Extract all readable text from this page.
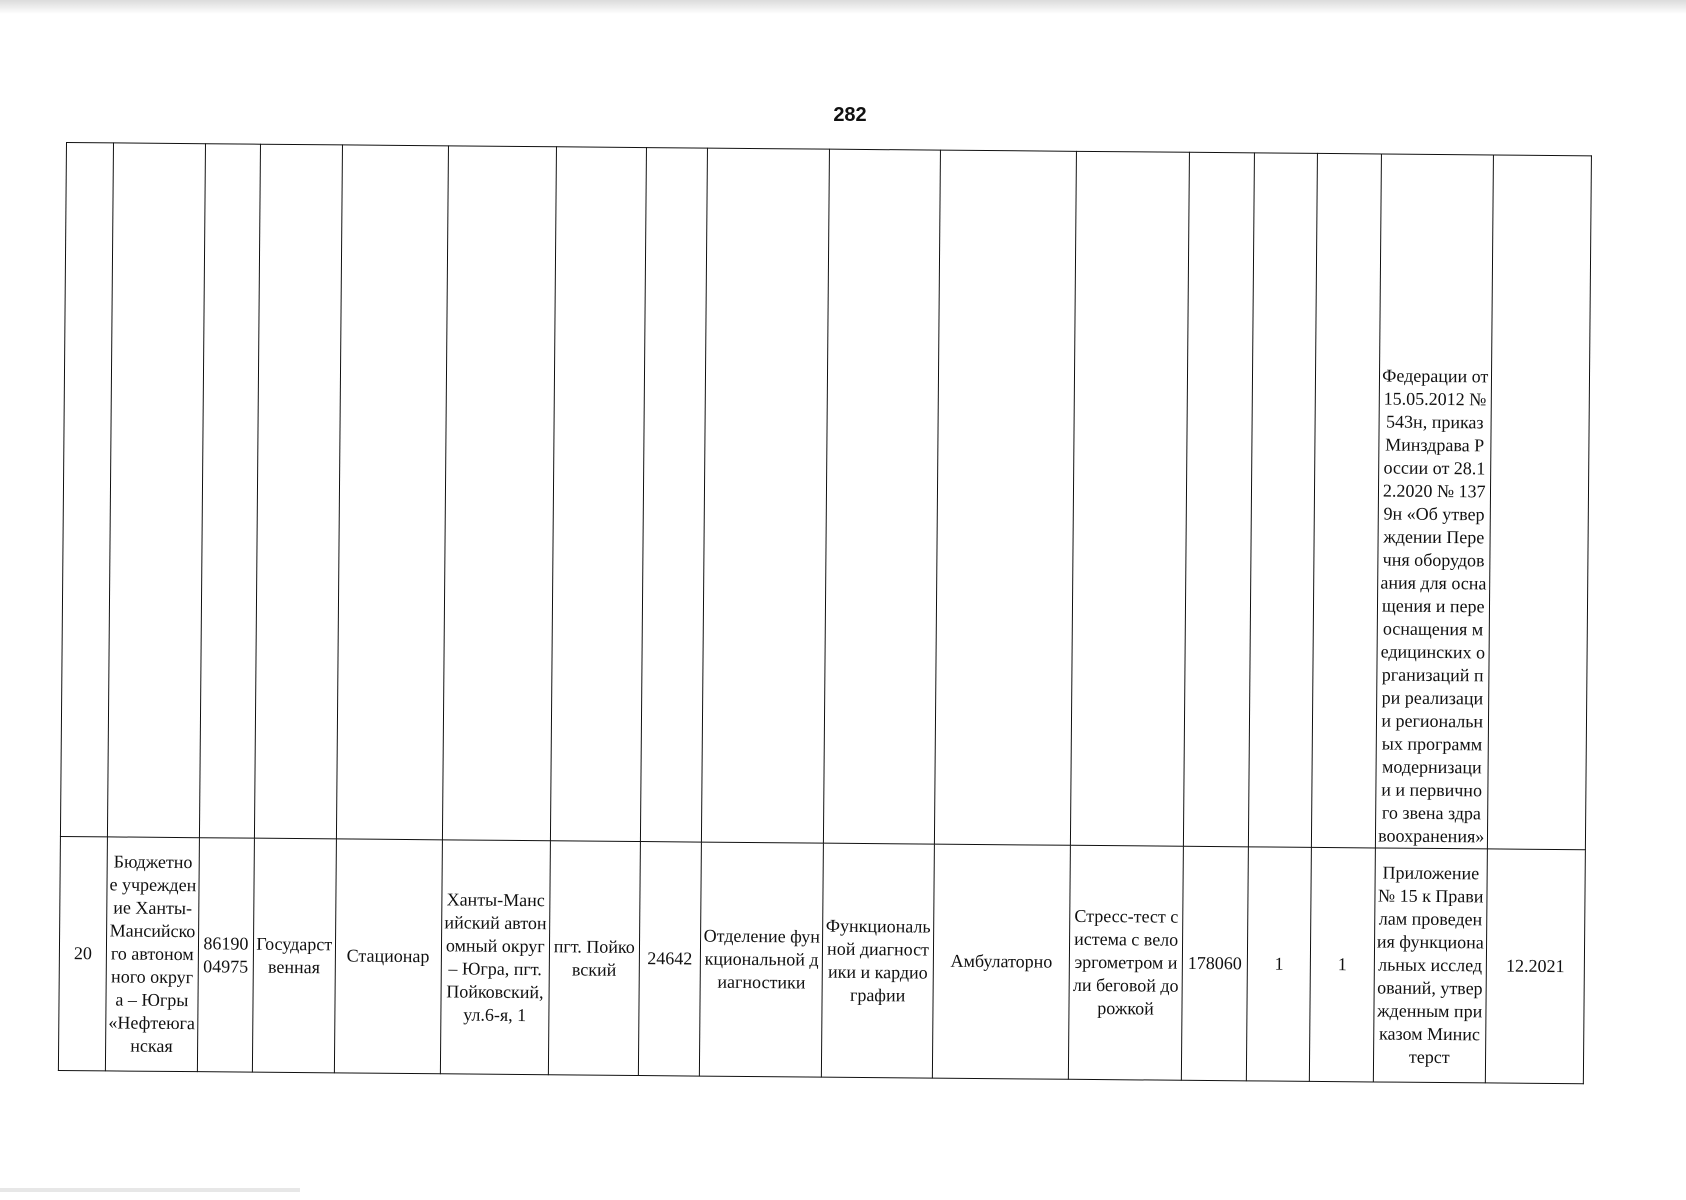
282
															Федерации от 15.05.2012 № 543н, приказ Минздрава России от 28.12.2020 № 1379н «Об утверждении Перечня оборудования для оснащения и переоснащения медицинских организаций при реализации региональных программ модернизации и первичного звена здравоохранения»	
20	Бюджетное учреждение Ханты-Мансийского автономного округа – Югры «Нефтеюганская	8619004975	Государственная	Стационар	Ханты-Мансийский автономный округ – Югра, пгт. Пойковский, ул.6-я, 1	пгт. Пойковский	24642	Отделение функциональной диагностики	Функциональной диагностики и кардиографии	Амбулаторно	Стресс-тест система с велоэргометром или беговой дорожкой	178060	1	1	Приложение № 15 к Правилам проведения функциональных исследований, утвержденным приказом Министерст	12.2021
